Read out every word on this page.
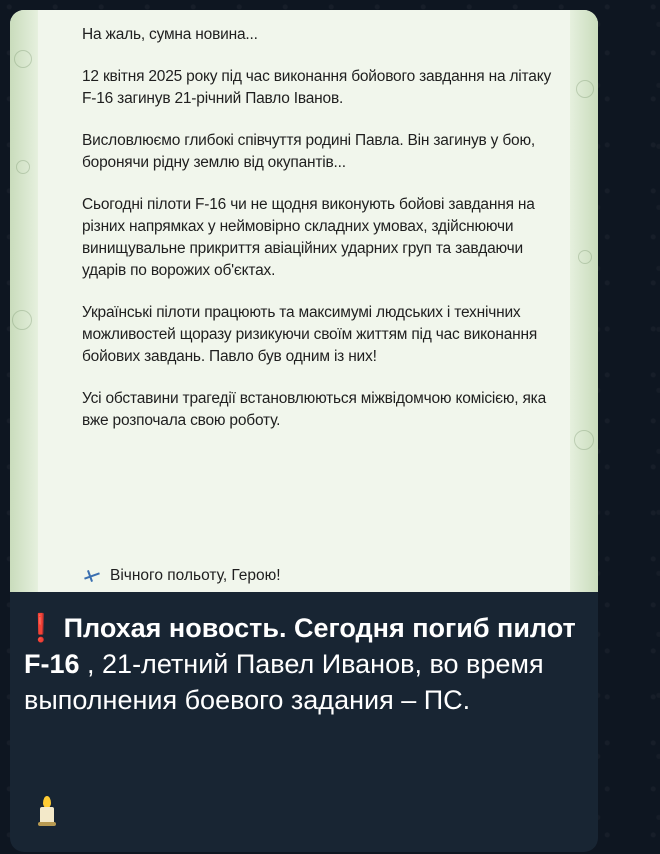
На жаль, сумна новина...

12 квітня 2025 року під час виконання бойового завдання на літаку F-16 загинув 21-річний Павло Іванов.

Висловлюємо глибокі співчуття родині Павла. Він загинув у бою, боронячи рідну землю від окупантів...

Сьогодні пілоти F-16 чи не щодня виконують бойові завдання на різних напрямках у неймовірно складних умовах, здійснюючи винищувальне прикриття авіаційних ударних груп та завдаючи ударів по ворожих об'єктах.

Українські пілоти працюють та максимумі людських і технічних можливостей щоразу ризикуючи своїм життям під час виконання бойових завдань. Павло був одним із них!

Усі обставини трагедії встановлюються міжвідомчою комісією, яка вже розпочала свою роботу.

Вічного польоту, Герою!
❗ Плохая новость. Сегодня погиб пилот F-16 , 21-летний Павел Иванов, во время выполнения боевого задания – ПС.
